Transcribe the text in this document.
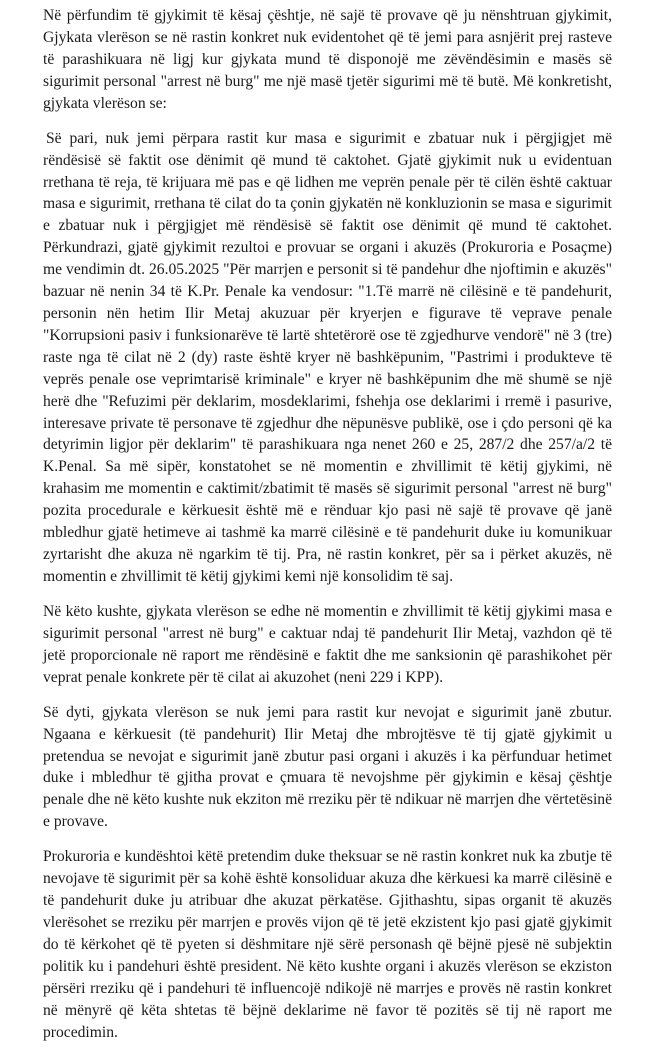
Në përfundim të gjykimit të kësaj çështje, në sajë të provave që ju nënshtruan gjykimit, Gjykata vlerëson se në rastin konkret nuk evidentohet që të jemi para asnjërit prej rasteve të parashikuara në ligj kur gjykata mund të disponojë me zëvëndësimin e masës së sigurimit personal "arrest në burg" me një masë tjetër sigurimi më të butë. Më konkretisht, gjykata vlerëson se:

Së pari, nuk jemi përpara rastit kur masa e sigurimit e zbatuar nuk i përgjigjet më rëndësisë së faktit ose dënimit që mund të caktohet. Gjatë gjykimit nuk u evidentuan rrethana të reja, të krijuara më pas e që lidhen me veprën penale për të cilën është caktuar masa e sigurimit, rrethana të cilat do ta çonin gjykatën në konkluzionin se masa e sigurimit e zbatuar nuk i përgjigjet më rëndësisë së faktit ose dënimit që mund të caktohet. Përkundrazi, gjatë gjykimit rezultoi e provuar se organi i akuzës (Prokuroria e Posaçme) me vendimin dt. 26.05.2025 "Për marrjen e personit si të pandehur dhe njoftimin e akuzës" bazuar në nenin 34 të K.Pr. Penale ka vendosur: "1.Të marrë në cilësinë e të pandehurit, personin nën hetim Ilir Metaj akuzuar për kryerjen e figurave të veprave penale "Korrupsioni pasiv i funksionarëve të lartë shtetërorë ose të zgjedhurve vendorë" në 3 (tre) raste nga të cilat në 2 (dy) raste është kryer në bashkëpunim, "Pastrimi i produkteve të veprës penale ose veprimtarisë kriminale" e kryer në bashkëpunim dhe më shumë se një herë dhe "Refuzimi për deklarim, mosdeklarimi, fshehja ose deklarimi i rremë i pasurive, interesave private të personave të zgjedhur dhe nëpunësve publikë, ose i çdo personi që ka detyrimin ligjor për deklarim" të parashikuara nga nenet 260 e 25, 287/2 dhe 257/a/2 të K.Penal. Sa më sipër, konstatohet se në momentin e zhvillimit të këtij gjykimi, në krahasim me momentin e caktimit/zbatimit të masës së sigurimit personal "arrest në burg" pozita procedurale e kërkuesit është më e rënduar kjo pasi në sajë të provave që janë mbledhur gjatë hetimeve ai tashmë ka marrë cilësinë e të pandehurit duke iu komunikuar zyrtarisht dhe akuza në ngarkim të tij. Pra, në rastin konkret, për sa i përket akuzës, në momentin e zhvillimit të këtij gjykimi kemi një konsolidim të saj.

Në këto kushte, gjykata vlerëson se edhe në momentin e zhvillimit të këtij gjykimi masa e sigurimit personal "arrest në burg" e caktuar ndaj të pandehurit Ilir Metaj, vazhdon që të jetë proporcionale në raport me rëndësinë e faktit dhe me sanksionin që parashikohet për veprat penale konkrete për të cilat ai akuzohet (neni 229 i KPP).

Së dyti, gjykata vlerëson se nuk jemi para rastit kur nevojat e sigurimit janë zbutur. Ngaana e kërkuesit (të pandehurit) Ilir Metaj dhe mbrojtësve të tij gjatë gjykimit u pretendua se nevojat e sigurimit janë zbutur pasi organi i akuzës i ka përfunduar hetimet duke i mbledhur të gjitha provat e çmuara të nevojshme për gjykimin e kësaj çështje penale dhe në këto kushte nuk ekziton më rreziku për të ndikuar në marrjen dhe vërtetësinë e provave.

Prokuroria e kundështoi këtë pretendim duke theksuar se në rastin konkret nuk ka zbutje të nevojave të sigurimit për sa kohë është konsoliduar akuza dhe kërkuesi ka marrë cilësinë e të pandehurit duke ju atribuar dhe akuzat përkatëse. Gjithashtu, sipas organit të akuzës vlerësohet se rreziku për marrjen e provës vijon që të jetë ekzistent kjo pasi gjatë gjykimit do të kërkohet që të pyeten si dëshmitare një sërë personash që bëjnë pjesë në subjektin politik ku i pandehuri është president. Në këto kushte organi i akuzës vlerëson se ekziston përsëri rreziku që i pandehuri të influencojë ndikojë në marrjes e provës në rastin konkret në mënyrë që këta shtetas të bëjnë deklarime në favor të pozitës së tij në raport me procedimin.
